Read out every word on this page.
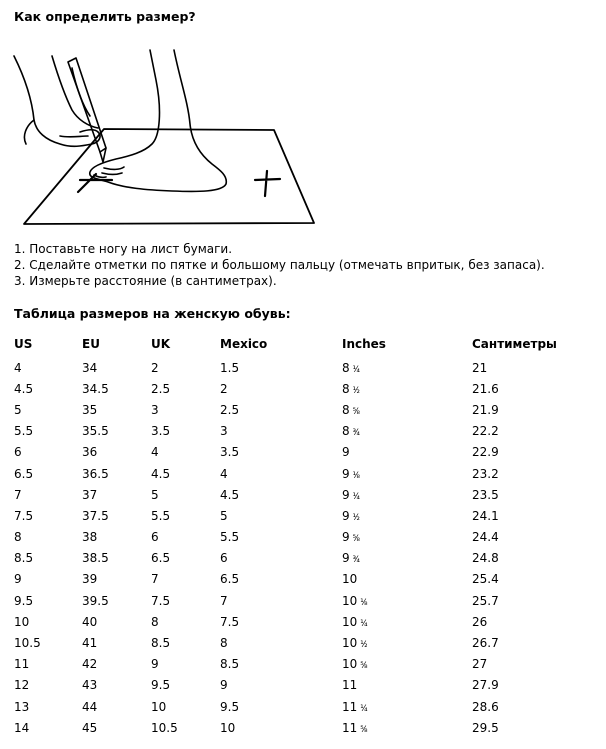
Как определить размер?
1. Поставьте ногу на лист бумаги.
2. Сделайте отметки по пятке и большому пальцу (отмечать впритык, без запаса).
3. Измерьте расстояние (в сантиметрах).
Таблица размеров на женскую обувь:
US	EU	UK	Mexico	Inches	Сантиметры
4	34	2	1.5	8 ¹⁄₄	21
4.5	34.5	2.5	2	8 ¹⁄₂	21.6
5	35	3	2.5	8 ⁵⁄₈	21.9
5.5	35.5	3.5	3	8 ³⁄₄	22.2
6	36	4	3.5	9	22.9
6.5	36.5	4.5	4	9 ¹⁄₈	23.2
7	37	5	4.5	9 ¹⁄₄	23.5
7.5	37.5	5.5	5	9 ¹⁄₂	24.1
8	38	6	5.5	9 ⁵⁄₈	24.4
8.5	38.5	6.5	6	9 ³⁄₄	24.8
9	39	7	6.5	10	25.4
9.5	39.5	7.5	7	10 ¹⁄₈	25.7
10	40	8	7.5	10 ¹⁄₄	26
10.5	41	8.5	8	10 ¹⁄₂	26.7
11	42	9	8.5	10 ⁵⁄₈	27
12	43	9.5	9	11	27.9
13	44	10	9.5	11 ¹⁄₄	28.6
14	45	10.5	10	11 ⁵⁄₈	29.5
